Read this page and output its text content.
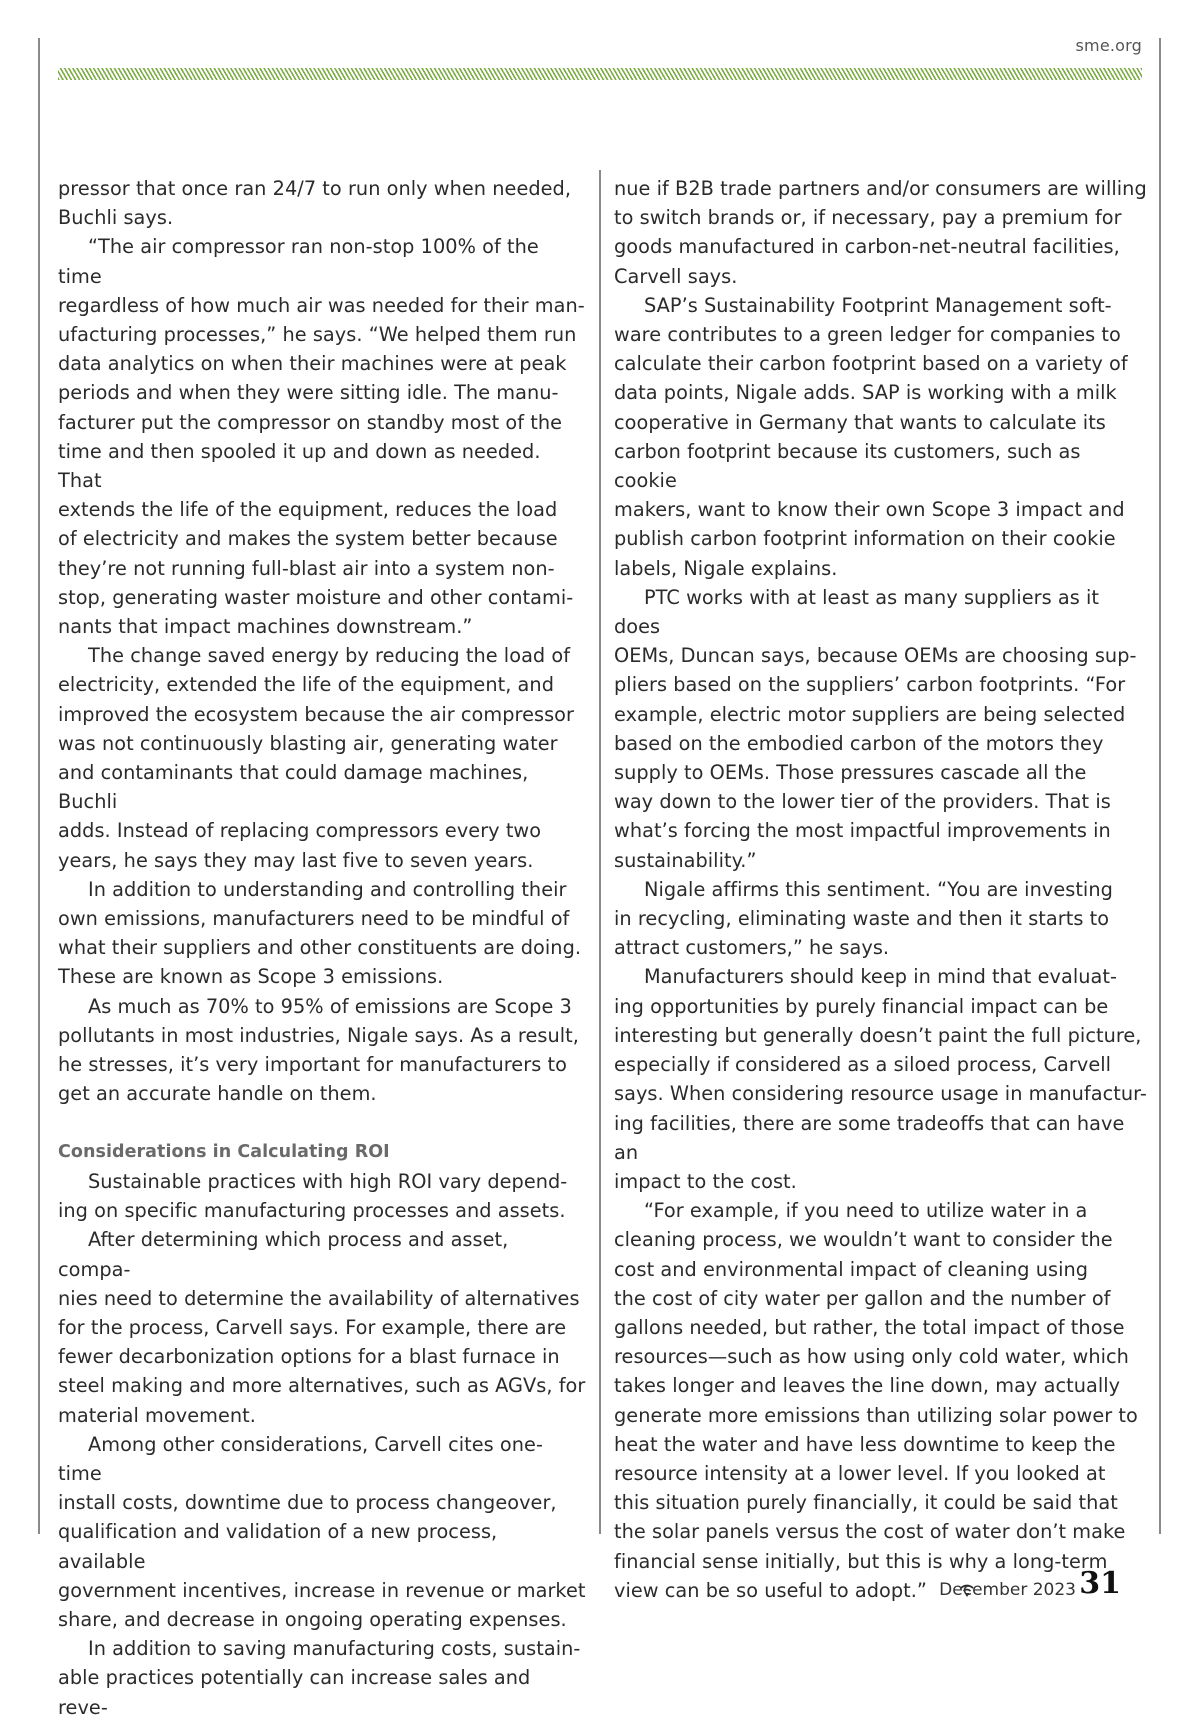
sme.org

pressor that once ran 24/7 to run only when needed,
Buchli says.

“The air compressor ran non-stop 100% of the time
regardless of how much air was needed for their man-
ufacturing processes,” he says. “We helped them run
data analytics on when their machines were at peak
periods and when they were sitting idle. The manu-
facturer put the compressor on standby most of the
time and then spooled it up and down as needed. That
extends the life of the equipment, reduces the load
of electricity and makes the system better because
they’re not running full-blast air into a system non-
stop, generating waster moisture and other contami-
nants that impact machines downstream.”

The change saved energy by reducing the load of
electricity, extended the life of the equipment, and
improved the ecosystem because the air compressor
was not continuously blasting air, generating water
and contaminants that could damage machines, Buchli
adds. Instead of replacing compressors every two
years, he says they may last five to seven years.

In addition to understanding and controlling their
own emissions, manufacturers need to be mindful of
what their suppliers and other constituents are doing.
These are known as Scope 3 emissions.

As much as 70% to 95% of emissions are Scope 3
pollutants in most industries, Nigale says. As a result,
he stresses, it’s very important for manufacturers to
get an accurate handle on them.

Considerations in Calculating ROI

Sustainable practices with high ROI vary depend-
ing on specific manufacturing processes and assets.

After determining which process and asset, compa-
nies need to determine the availability of alternatives
for the process, Carvell says. For example, there are
fewer decarbonization options for a blast furnace in
steel making and more alternatives, such as AGVs, for
material movement.

Among other considerations, Carvell cites one-time
install costs, downtime due to process changeover,
qualification and validation of a new process, available
government incentives, increase in revenue or market
share, and decrease in ongoing operating expenses.

In addition to saving manufacturing costs, sustain-
able practices potentially can increase sales and reve-

nue if B2B trade partners and/or consumers are willing
to switch brands or, if necessary, pay a premium for
goods manufactured in carbon-net-neutral facilities,
Carvell says.

SAP’s Sustainability Footprint Management soft-
ware contributes to a green ledger for companies to
calculate their carbon footprint based on a variety of
data points, Nigale adds. SAP is working with a milk
cooperative in Germany that wants to calculate its
carbon footprint because its customers, such as cookie
makers, want to know their own Scope 3 impact and
publish carbon footprint information on their cookie
labels, Nigale explains.

PTC works with at least as many suppliers as it does
OEMs, Duncan says, because OEMs are choosing sup-
pliers based on the suppliers’ carbon footprints. “For
example, electric motor suppliers are being selected
based on the embodied carbon of the motors they
supply to OEMs. Those pressures cascade all the
way down to the lower tier of the providers. That is
what’s forcing the most impactful improvements in
sustainability.”

Nigale affirms this sentiment. “You are investing
in recycling, eliminating waste and then it starts to
attract customers,” he says.

Manufacturers should keep in mind that evaluat-
ing opportunities by purely financial impact can be
interesting but generally doesn’t paint the full picture,
especially if considered as a siloed process, Carvell
says. When considering resource usage in manufactur-
ing facilities, there are some tradeoffs that can have an
impact to the cost.

“For example, if you need to utilize water in a
cleaning process, we wouldn’t want to consider the
cost and environmental impact of cleaning using
the cost of city water per gallon and the number of
gallons needed, but rather, the total impact of those
resources—such as how using only cold water, which
takes longer and leaves the line down, may actually
generate more emissions than utilizing solar power to
heat the water and have less downtime to keep the
resource intensity at a lower level. If you looked at
this situation purely financially, it could be said that
the solar panels versus the cost of water don’t make
financial sense initially, but this is why a long-term
view can be so useful to adopt.” December 2023 31
